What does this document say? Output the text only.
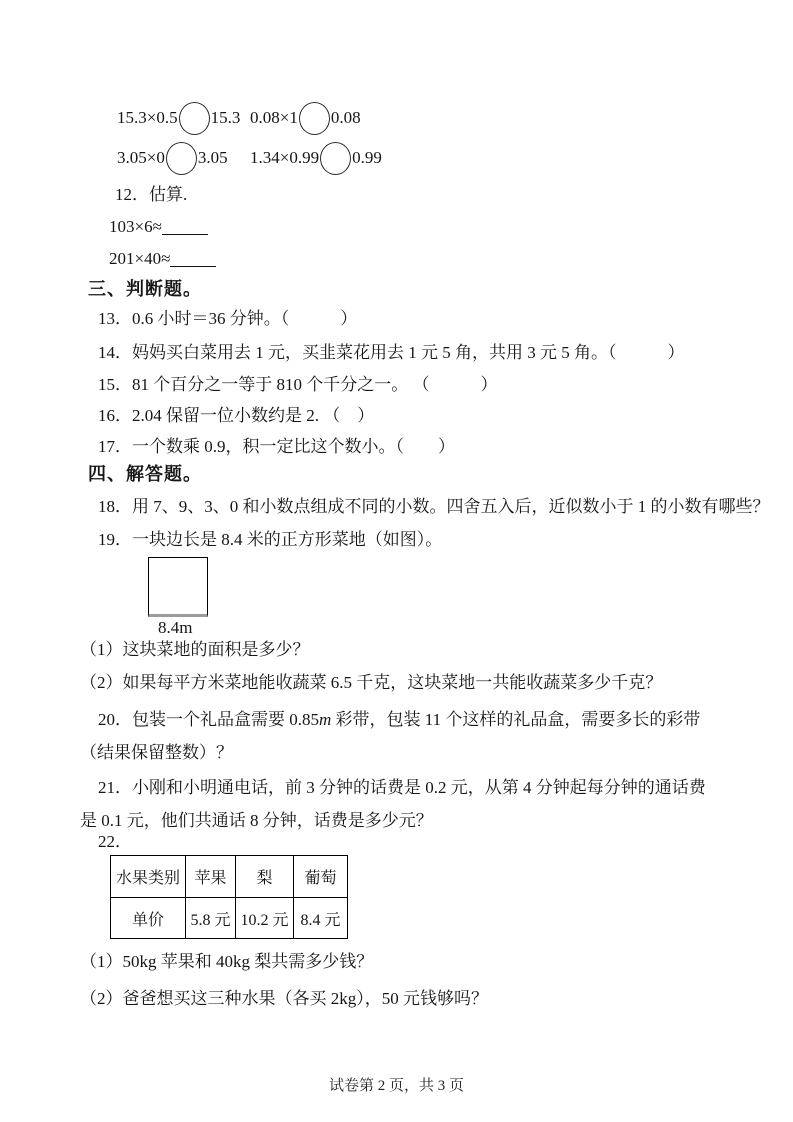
15.3×0.5 15.3 0.08×1 0.08
3.05×0 3.05 1.34×0.99 0.99

12．估算.

103×6≈

201×40≈

三、判断题。

13．0.6 小时＝36 分钟。（　　　）

14．妈妈买白菜用去 1 元，买韭菜花用去 1 元 5 角，共用 3 元 5 角。（　　　）

15．81 个百分之一等于 810 个千分之一。 （　　　）

16．2.04 保留一位小数约是 2. （　）

17．一个数乘 0.9，积一定比这个数小。（　　）

四、解答题。

18．用 7、9、3、0 和小数点组成不同的小数。四舍五入后，近似数小于 1 的小数有哪些？

19．一块边长是 8.4 米的正方形菜地（如图）。

8.4m

（1）这块菜地的面积是多少？

（2）如果每平方米菜地能收蔬菜 6.5 千克，这块菜地一共能收蔬菜多少千克？

20．包装一个礼品盒需要 0.85m 彩带，包装 11 个这样的礼品盒，需要多长的彩带（结果保留整数）？

21．小刚和小明通电话，前 3 分钟的话费是 0.2 元，从第 4 分钟起每分钟的通话费是 0.1 元，他们共通话 8 分钟，话费是多少元？

22．

水果类别	苹果	梨	葡萄
单价	5.8 元	10.2 元	8.4 元

（1）50kg 苹果和 40kg 梨共需多少钱？

（2）爸爸想买这三种水果（各买 2kg），50 元钱够吗？

试卷第 2 页，共 3 页
